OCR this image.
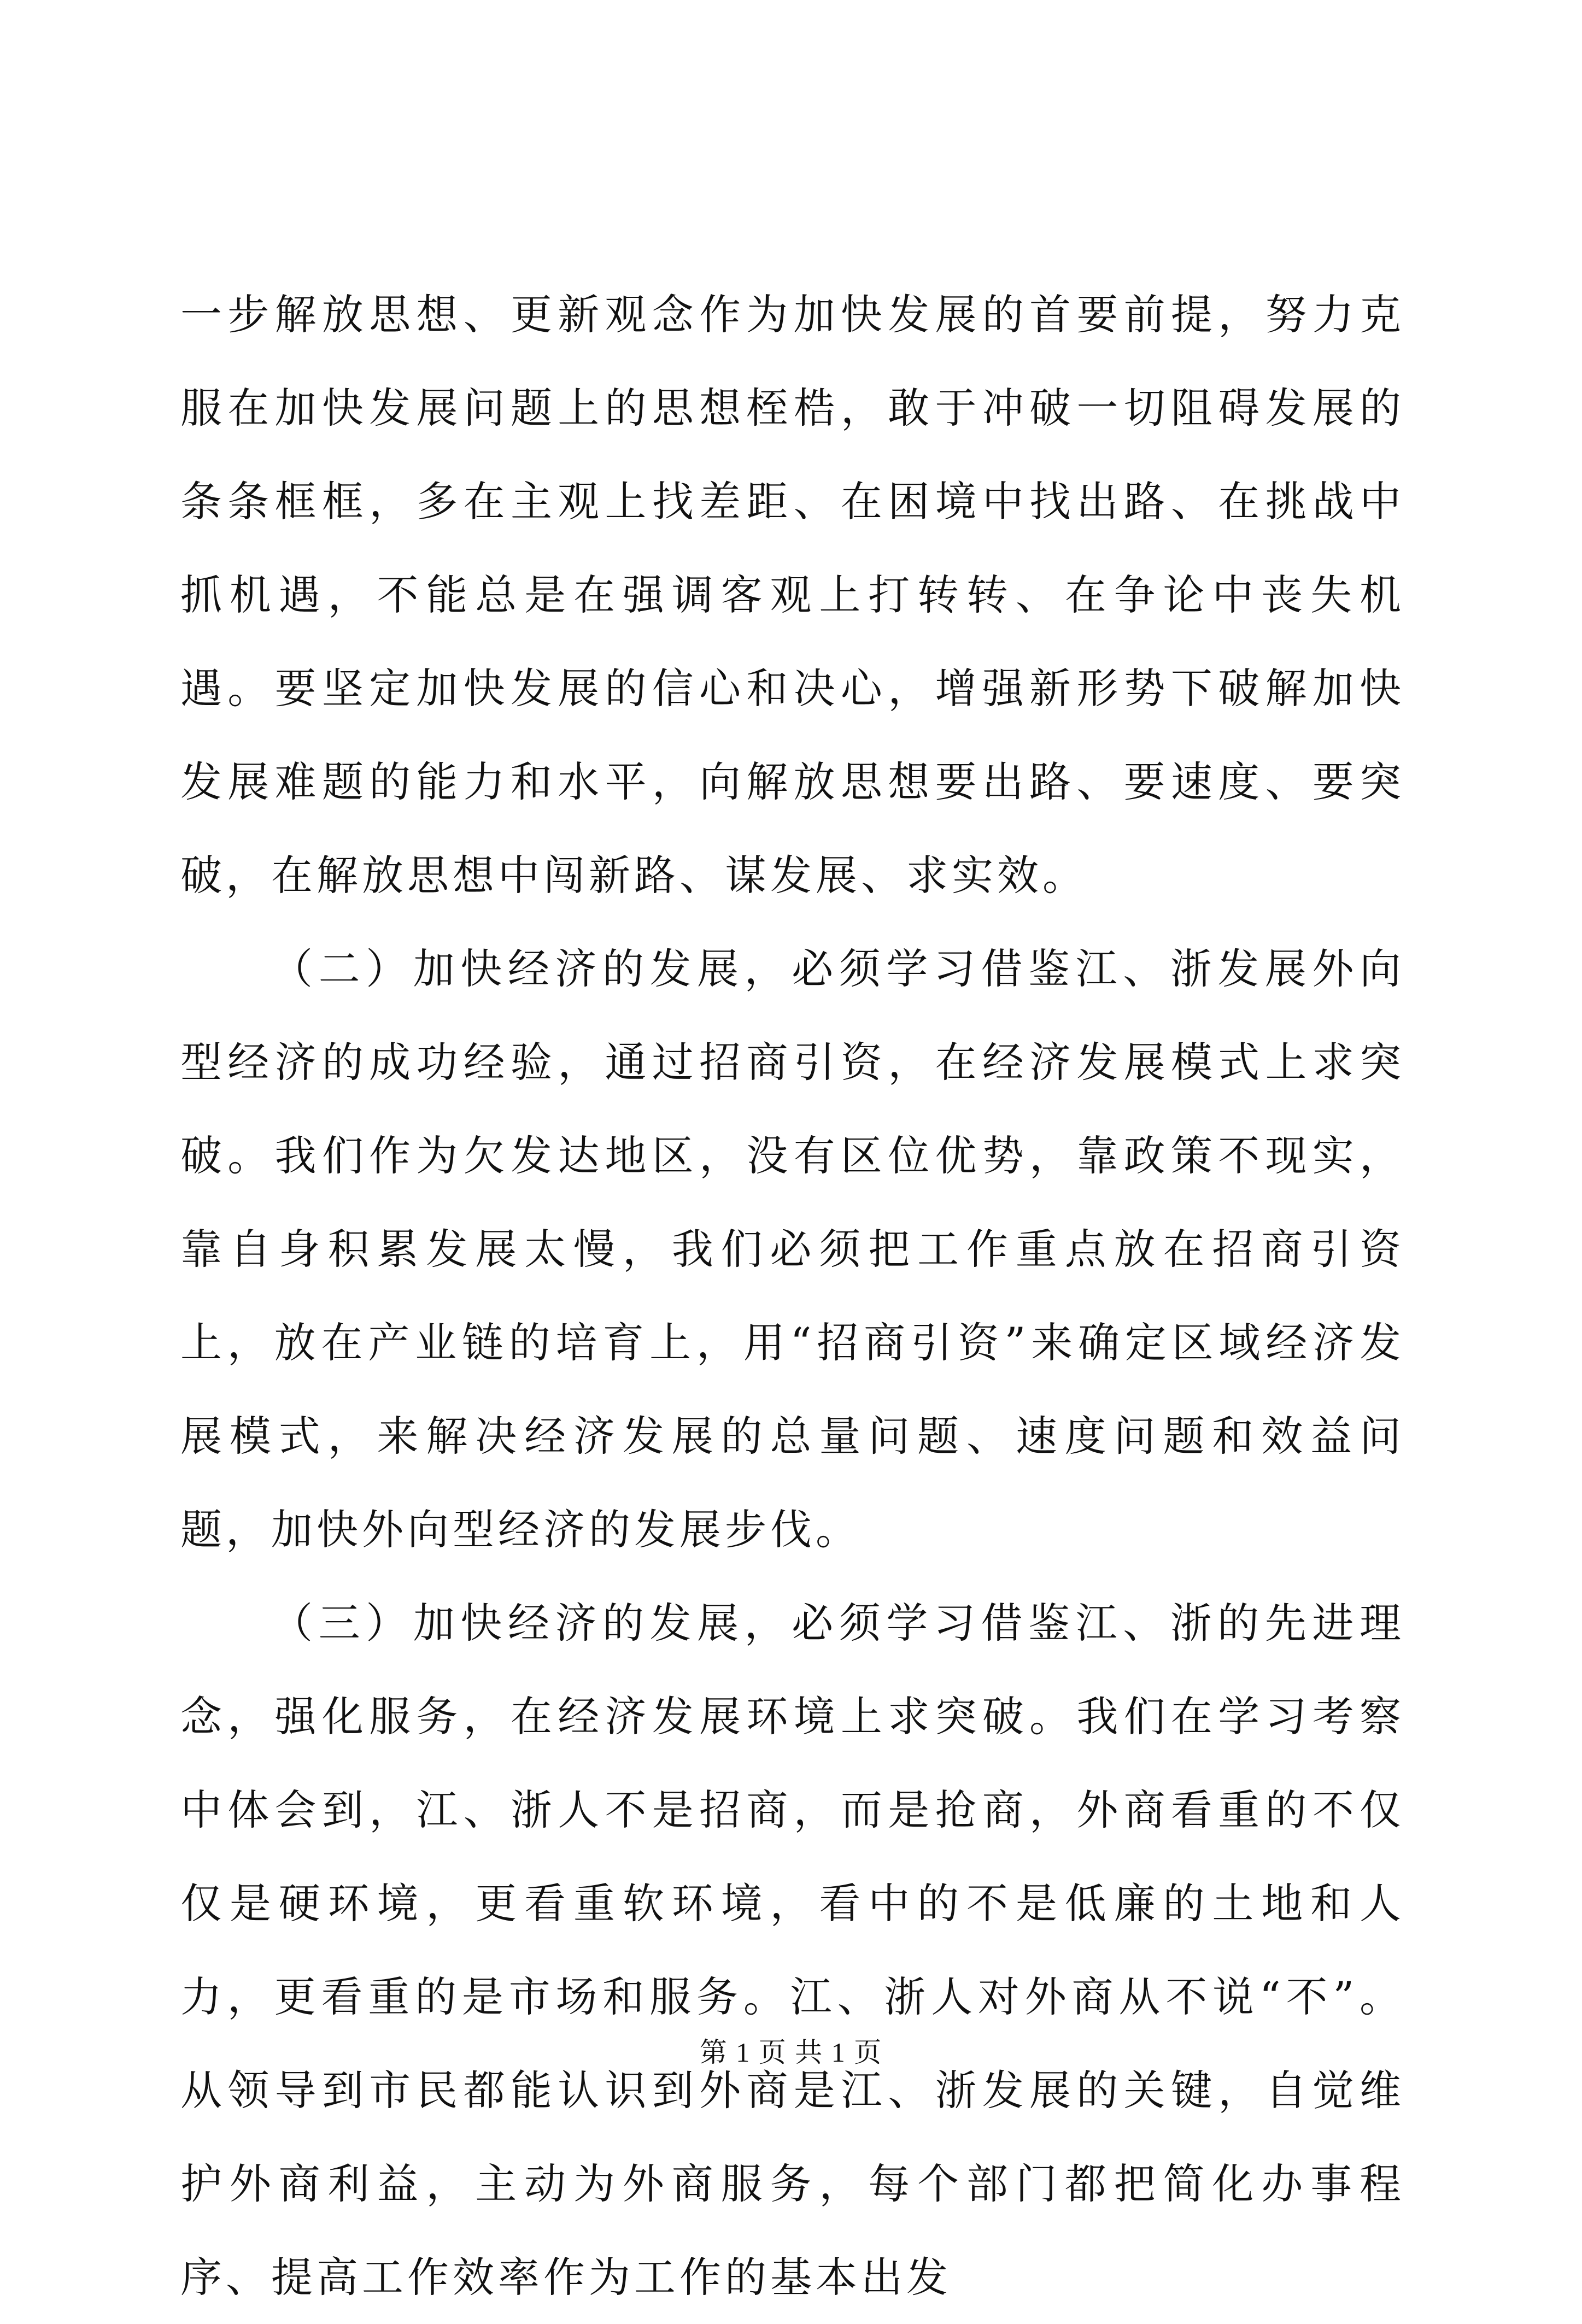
一步解放思想、更新观念作为加快发展的首要前提，努力克服在加快发展问题上的思想桎梏，敢于冲破一切阻碍发展的条条框框，多在主观上找差距、在困境中找出路、在挑战中抓机遇，不能总是在强调客观上打转转、在争论中丧失机遇。要坚定加快发展的信心和决心，增强新形势下破解加快发展难题的能力和水平，向解放思想要出路、要速度、要突破，在解放思想中闯新路、谋发展、求实效。

（二）加快经济的发展，必须学习借鉴江、浙发展外向型经济的成功经验，通过招商引资，在经济发展模式上求突破。我们作为欠发达地区，没有区位优势，靠政策不现实，靠自身积累发展太慢，我们必须把工作重点放在招商引资上，放在产业链的培育上，用“招商引资”来确定区域经济发展模式，来解决经济发展的总量问题、速度问题和效益问题，加快外向型经济的发展步伐。

（三）加快经济的发展，必须学习借鉴江、浙的先进理念，强化服务，在经济发展环境上求突破。我们在学习考察中体会到，江、浙人不是招商，而是抢商，外商看重的不仅仅是硬环境，更看重软环境，看中的不是低廉的土地和人力，更看重的是市场和服务。江、浙人对外商从不说“不”。从领导到市民都能认识到外商是江、浙发展的关键，自觉维护外商利益，主动为外商服务，每个部门都把简化办事程序、提高工作效率作为工作的基本出发

第 1 页 共 1 页
